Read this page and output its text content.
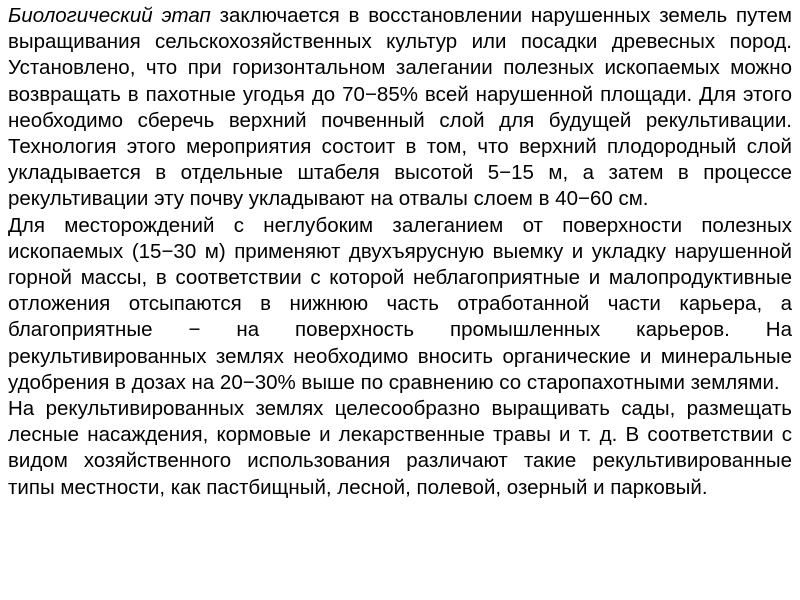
Биологический этап заключается в восстановлении нарушенных земель путем выращивания сельскохозяйственных культур или посадки древесных пород. Установлено, что при горизонтальном залегании полезных ископаемых можно возвращать в пахотные угодья до 70−85% всей нарушенной площади. Для этого необходимо сберечь верхний почвенный слой для будущей рекультивации. Технология этого мероприятия состоит в том, что верхний плодородный слой укладывается в отдельные штабеля высотой 5−15 м, а затем в процессе рекультивации эту почву укладывают на отвалы слоем в 40−60 см.

Для месторождений с неглубоким залеганием от поверхности полезных ископаемых (15−30 м) применяют двухъярусную выемку и укладку нарушенной горной массы, в соответствии с которой неблагоприятные и малопродуктивные отложения отсыпаются в нижнюю часть отработанной части карьера, а благоприятные − на поверхность промышленных карьеров. На рекультивированных землях необходимо вносить органические и минеральные удобрения в дозах на 20−30% выше по сравнению со старопахотными землями.

На рекультивированных землях целесообразно выращивать сады, размещать лесные насаждения, кормовые и лекарственные травы и т. д. В соответствии с видом хозяйственного использования различают такие рекультивированные типы местности, как пастбищный, лесной, полевой, озерный и парковый.
